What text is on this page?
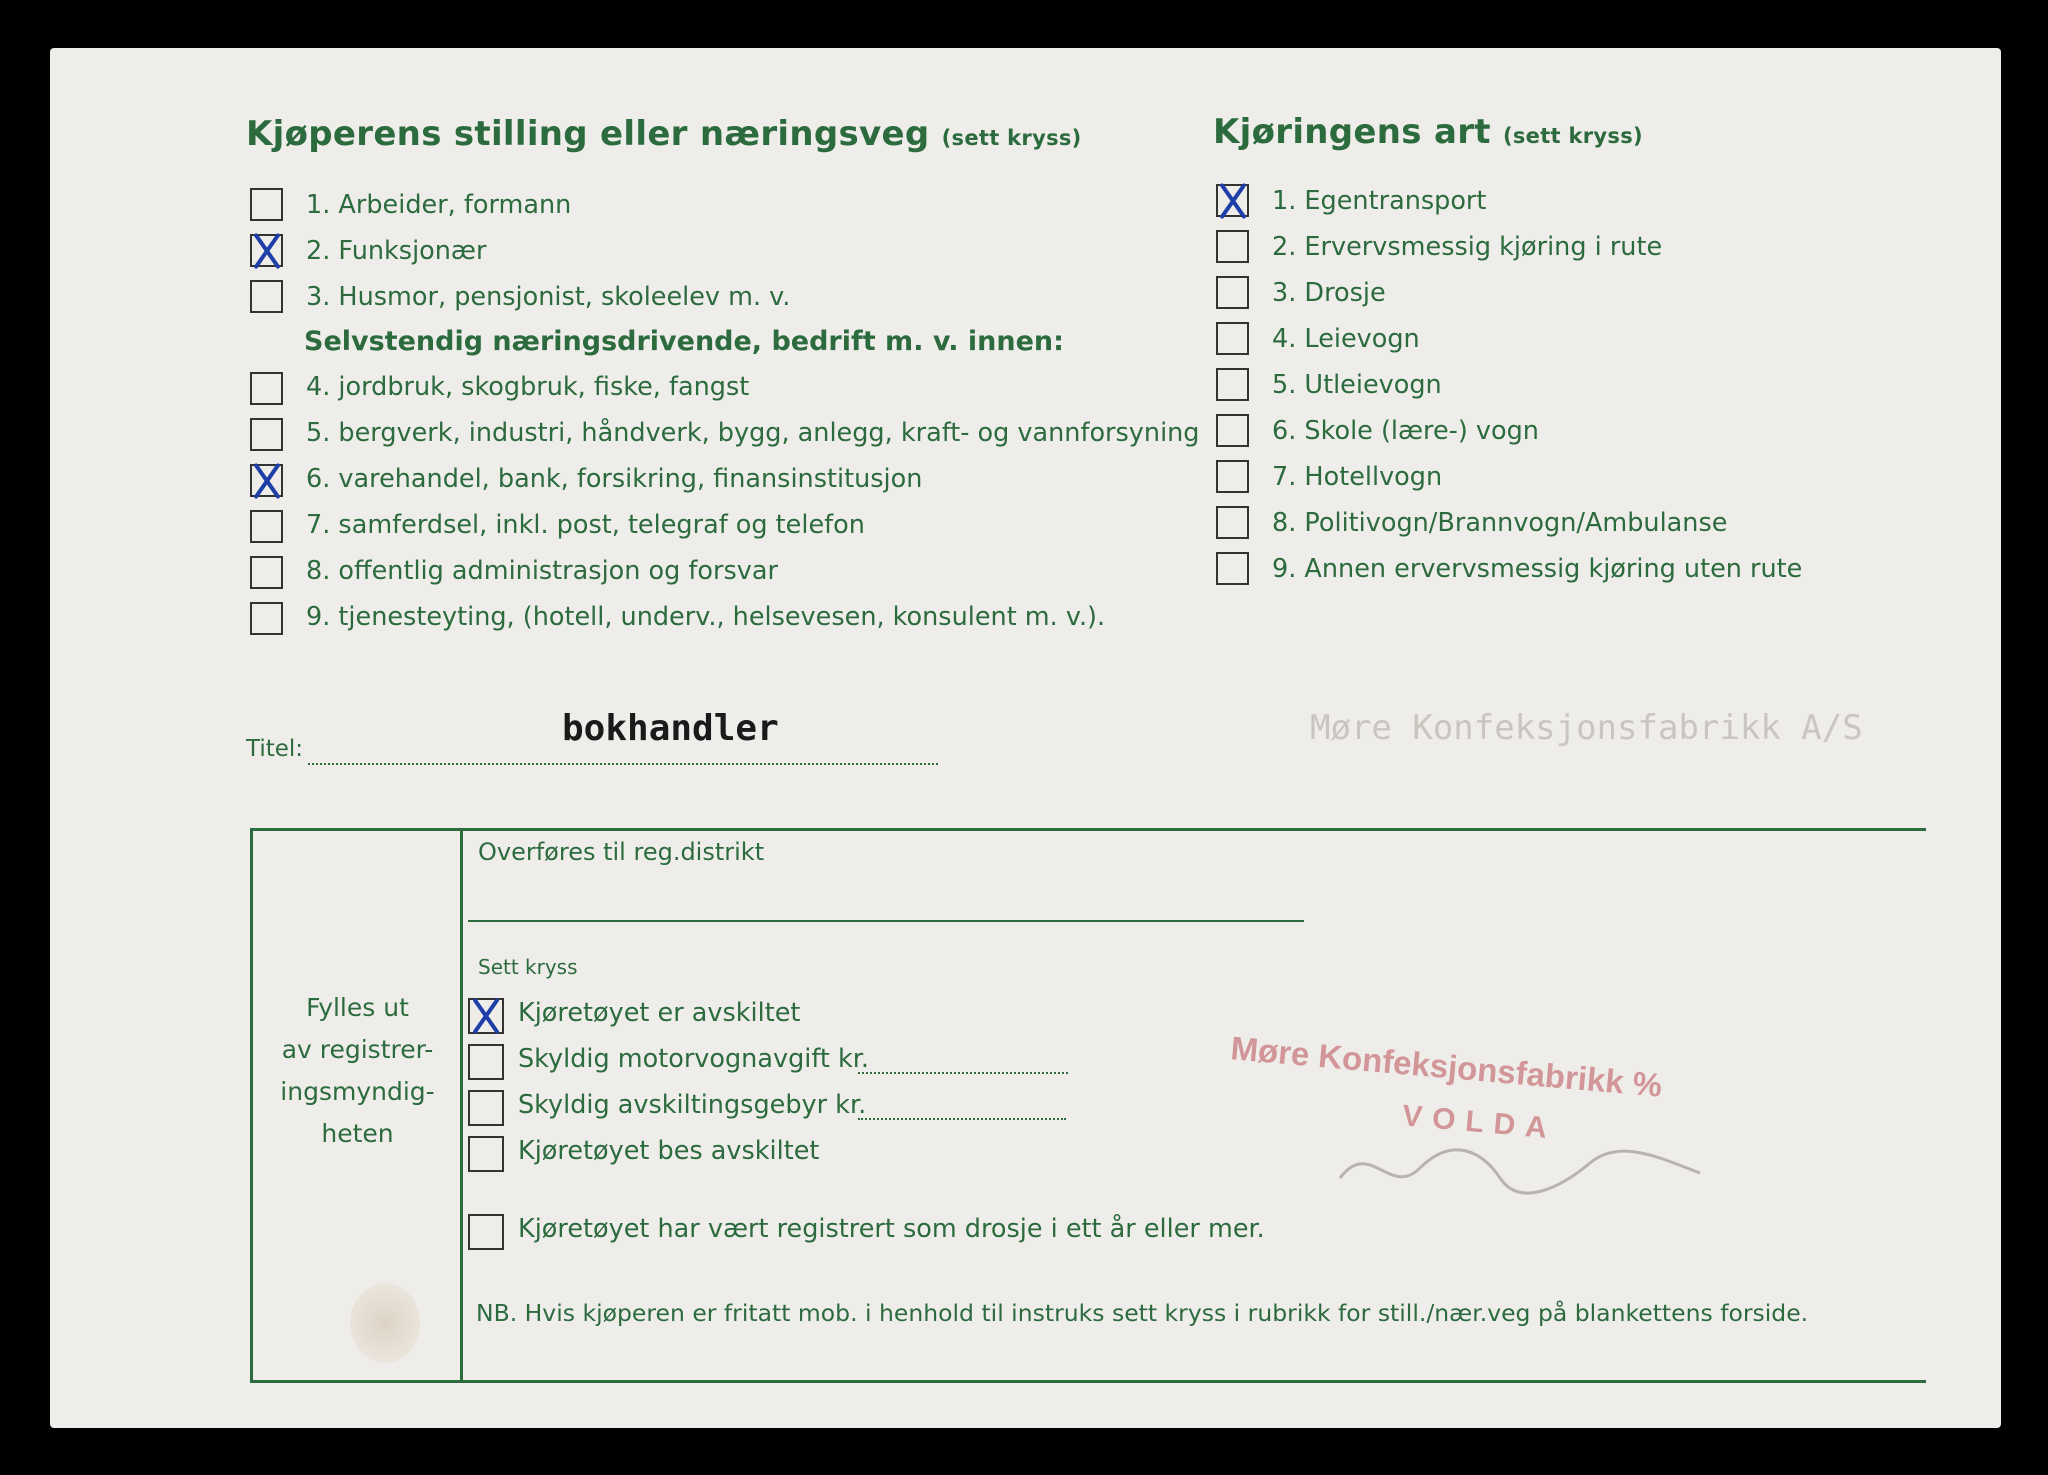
Møre Konfeksjonsfabrikk A/S
Kjøperens stilling eller næringsveg (sett kryss)
1. Arbeider, formann
2. Funksjonær
3. Husmor, pensjonist, skoleelev m. v.
Selvstendig næringsdrivende, bedrift m. v. innen:
4. jordbruk, skogbruk, fiske, fangst
5. bergverk, industri, håndverk, bygg, anlegg, kraft- og vannforsyning
6. varehandel, bank, forsikring, finansinstitusjon
7. samferdsel, inkl. post, telegraf og telefon
8. offentlig administrasjon og forsvar
9. tjenesteyting, (hotell, underv., helsevesen, konsulent m. v.).
Kjøringens art (sett kryss)
1. Egentransport
2. Ervervsmessig kjøring i rute
3. Drosje
4. Leievogn
5. Utleievogn
6. Skole (lære-) vogn
7. Hotellvogn
8. Politivogn/Brannvogn/Ambulanse
9. Annen ervervsmessig kjøring uten rute
Titel:	bokhandler
Fylles ut
av registrer-
ingsmyndig-
heten
Overføres til reg.distrikt
Sett kryss
Kjøretøyet er avskiltet
Skyldig motorvognavgift kr.
Skyldig avskiltingsgebyr kr.
Kjøretøyet bes avskiltet
Kjøretøyet har vært registrert som drosje i ett år eller mer.
NB. Hvis kjøperen er fritatt mob. i henhold til instruks sett kryss i rubrikk for still./nær.veg på blankettens forside.
Møre Konfeksjonsfabrikk %
VOLDA
